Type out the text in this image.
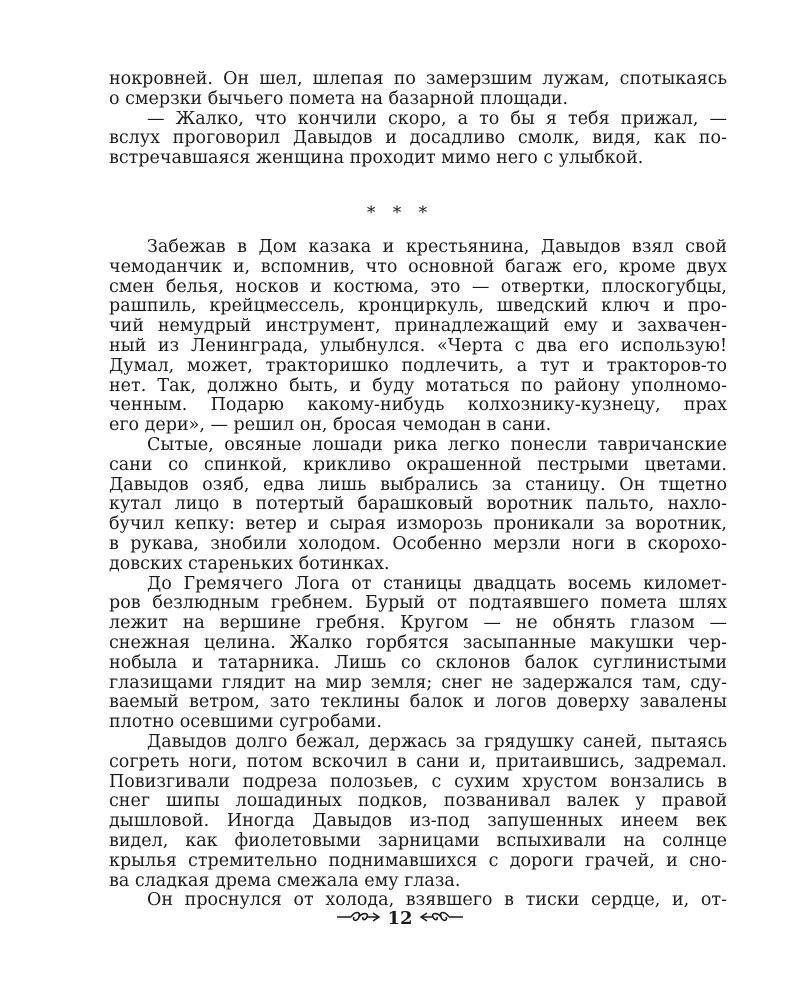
нокровней. Он шел, шлепая по замерзшим лужам, спотыкаясь
о смерзки бычьего помета на базарной площади.
— Жалко, что кончили скоро, а то бы я тебя прижал, —
вслух проговорил Давыдов и досадливо смолк, видя, как по-
встречавшаяся женщина проходит мимо него с улыбкой.
* * *
Забежав в Дом казака и крестьянина, Давыдов взял свой
чемоданчик и, вспомнив, что основной багаж его, кроме двух
смен белья, носков и костюма, это — отвертки, плоскогубцы,
рашпиль, крейцмессель, кронциркуль, шведский ключ и про-
чий немудрый инструмент, принадлежащий ему и захвачен-
ный из Ленинграда, улыбнулся. «Черта с два его использую!
Думал, может, тракторишко подлечить, а тут и тракторов-то
нет. Так, должно быть, и буду мотаться по району уполномо-
ченным. Подарю какому-нибудь колхознику-кузнецу, прах
его дери», — решил он, бросая чемодан в сани.
Сытые, овсяные лошади рика легко понесли тавричанские
сани со спинкой, крикливо окрашенной пестрыми цветами.
Давыдов озяб, едва лишь выбрались за станицу. Он тщетно
кутал лицо в потертый барашковый воротник пальто, нахло-
бучил кепку: ветер и сырая изморозь проникали за воротник,
в рукава, знобили холодом. Особенно мерзли ноги в скорохо-
довских стареньких ботинках.
До Гремячего Лога от станицы двадцать восемь километ-
ров безлюдным гребнем. Бурый от подтаявшего помета шлях
лежит на вершине гребня. Кругом — не обнять глазом —
снежная целина. Жалко горбятся засыпанные макушки чер-
нобыла и татарника. Лишь со склонов балок суглинистыми
глазищами глядит на мир земля; снег не задержался там, сду-
ваемый ветром, зато теклины балок и логов доверху завалены
плотно осевшими сугробами.
Давыдов долго бежал, держась за грядушку саней, пытаясь
согреть ноги, потом вскочил в сани и, притаившись, задремал.
Повизгивали подреза полозьев, с сухим хрустом вонзались в
снег шипы лошадиных подков, позванивал валек у правой
дышловой. Иногда Давыдов из-под запушенных инеем век
видел, как фиолетовыми зарницами вспыхивали на солнце
крылья стремительно поднимавшихся с дороги грачей, и сно-
ва сладкая дрема смежала ему глаза.
Он проснулся от холода, взявшего в тиски сердце, и, от-
12
